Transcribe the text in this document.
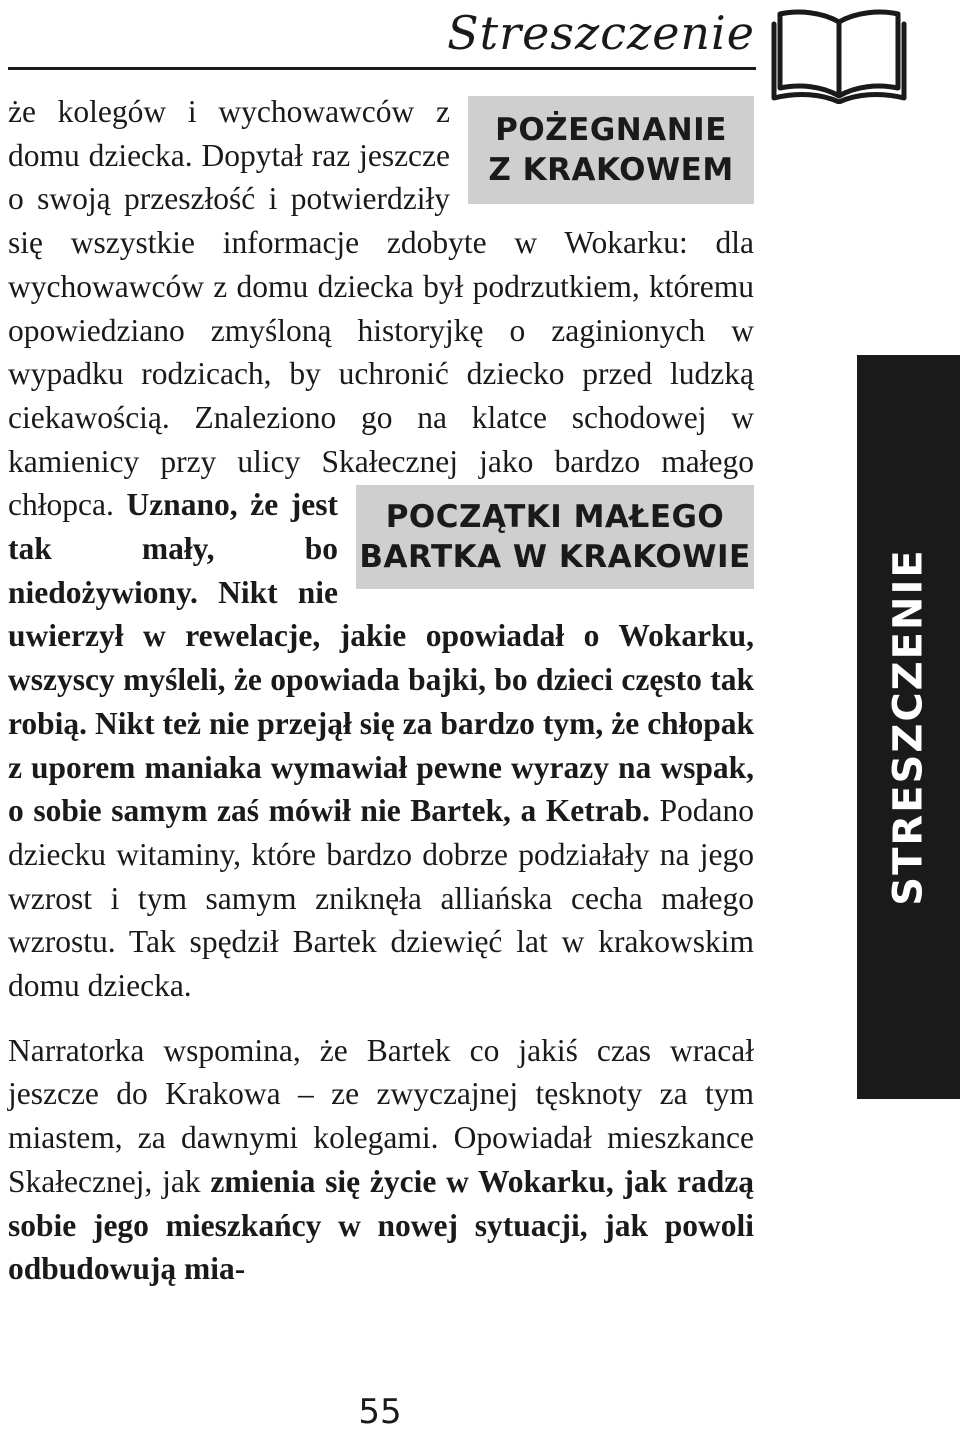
Streszczenie

POŻEGNANIE
Z KRAKOWEM
że kolegów i wychowawców z domu dziecka. Dopytał raz jeszcze o swoją przeszłość i potwierdziły się wszystkie informacje zdobyte w Wokarku: dla wychowawców z domu dziecka był podrzutkiem, któremu opowiedziano zmyśloną historyjkę o zaginionych w wypadku rodzicach, by uchronić dziecko przed ludzką ciekawością. Znaleziono go na klatce schodowej w kamienicy przy ulicy Skałecznej jako bardzo małego chłopca.	POCZĄTKI MAŁEGO
BARTKA W KRAKOWIE
Uznano, że jest tak mały, bo niedożywiony. Nikt nie uwierzył w rewelacje, jakie opowiadał o Wokarku, wszyscy myśleli, że opowiada bajki, bo dzieci często tak robią. Nikt też nie przejął się za bardzo tym, że chłopak z uporem maniaka wymawiał pewne wyrazy na wspak, o sobie samym zaś mówił nie Bartek, a Ketrab. Podano dziecku witaminy, które bardzo dobrze podziałały na jego wzrost i tym samym zniknęła alliańska cecha małego wzrostu. Tak spędził Bartek dziewięć lat w krakowskim domu dziecka.

Narratorka wspomina, że Bartek co jakiś czas wracał jeszcze do Krakowa – ze zwyczajnej tęsknoty za tym miastem, za dawnymi kolegami. Opowiadał mieszkance Skałecznej, jak zmienia się życie w Wokarku, jak radzą sobie jego mieszkańcy w nowej sytuacji, jak powoli odbudowują mia-

STRESZCZENIE
55
